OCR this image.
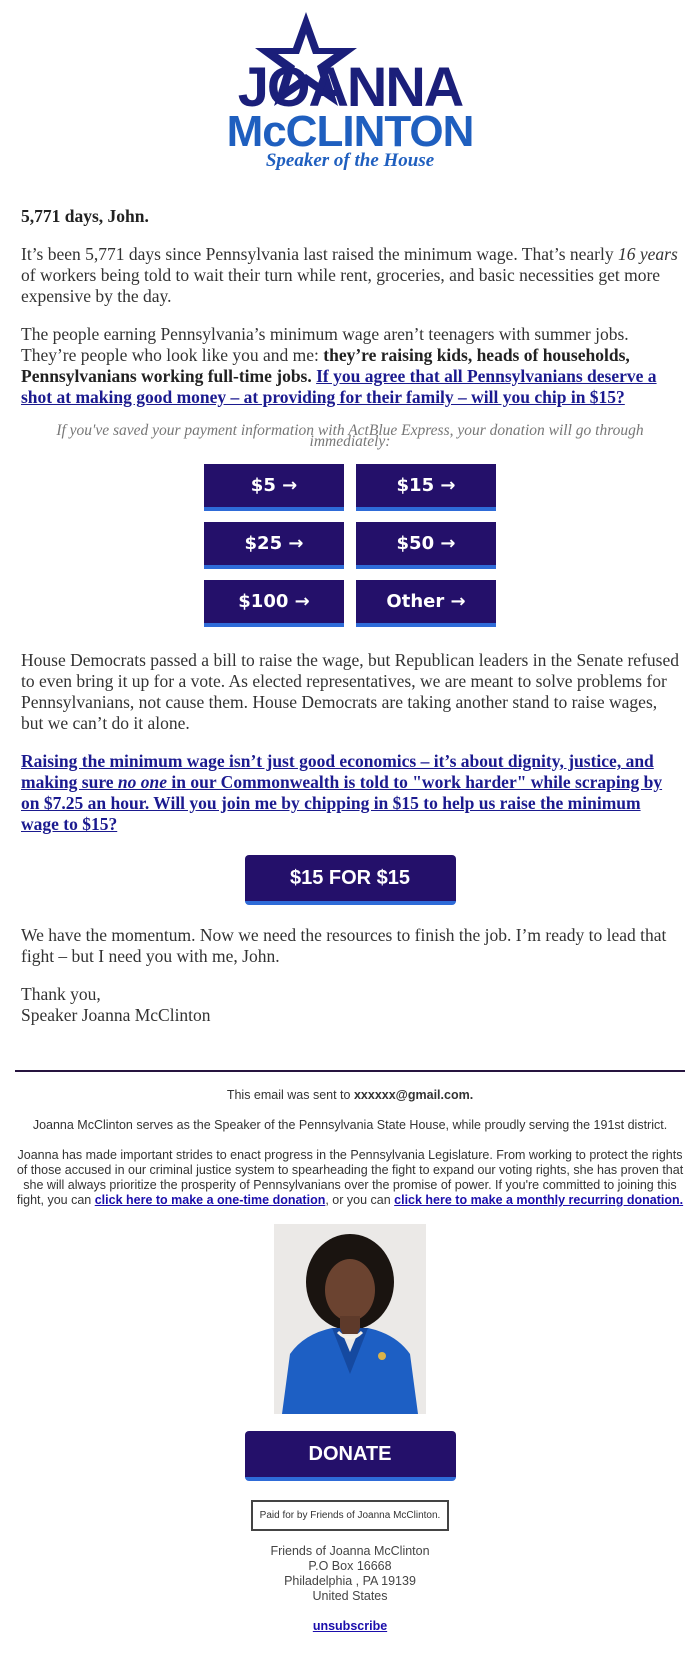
JOANNA
McCLINTON
Speaker of the House

5,771 days, John.

It’s been 5,771 days since Pennsylvania last raised the minimum wage. That’s nearly 16 years of workers being told to wait their turn while rent, groceries, and basic necessities get more expensive by the day.

The people earning Pennsylvania’s minimum wage aren’t teenagers with summer jobs. They’re people who look like you and me: they’re raising kids, heads of households, Pennsylvanians working full-time jobs. If you agree that all Pennsylvanians deserve a shot at making good money – at providing for their family – will you chip in $15?

If you've saved your payment information with ActBlue Express, your donation will go through immediately:

$5 →	$15 →
$25 →	$50 →
$100 →	Other →

House Democrats passed a bill to raise the wage, but Republican leaders in the Senate refused to even bring it up for a vote. As elected representatives, we are meant to solve problems for Pennsylvanians, not cause them. House Democrats are taking another stand to raise wages, but we can’t do it alone.

Raising the minimum wage isn’t just good economics – it’s about dignity, justice, and making sure no one in our Commonwealth is told to "work harder" while scraping by on $7.25 an hour. Will you join me by chipping in $15 to help us raise the minimum wage to $15?

$15 FOR $15

We have the momentum. Now we need the resources to finish the job. I’m ready to lead that fight – but I need you with me, John.

Thank you,
Speaker Joanna McClinton

This email was sent to xxxxxx@gmail.com.

Joanna McClinton serves as the Speaker of the Pennsylvania State House, while proudly serving the 191st district.

Joanna has made important strides to enact progress in the Pennsylvania Legislature. From working to protect the rights of those accused in our criminal justice system to spearheading the fight to expand our voting rights, she has proven that she will always prioritize the prosperity of Pennsylvanians over the promise of power. If you're committed to joining this fight, you can click here to make a one-time donation, or you can click here to make a monthly recurring donation.

DONATE
Paid for by Friends of Joanna McClinton.
Friends of Joanna McClinton
P.O Box 16668
Philadelphia , PA 19139
United States
unsubscribe
